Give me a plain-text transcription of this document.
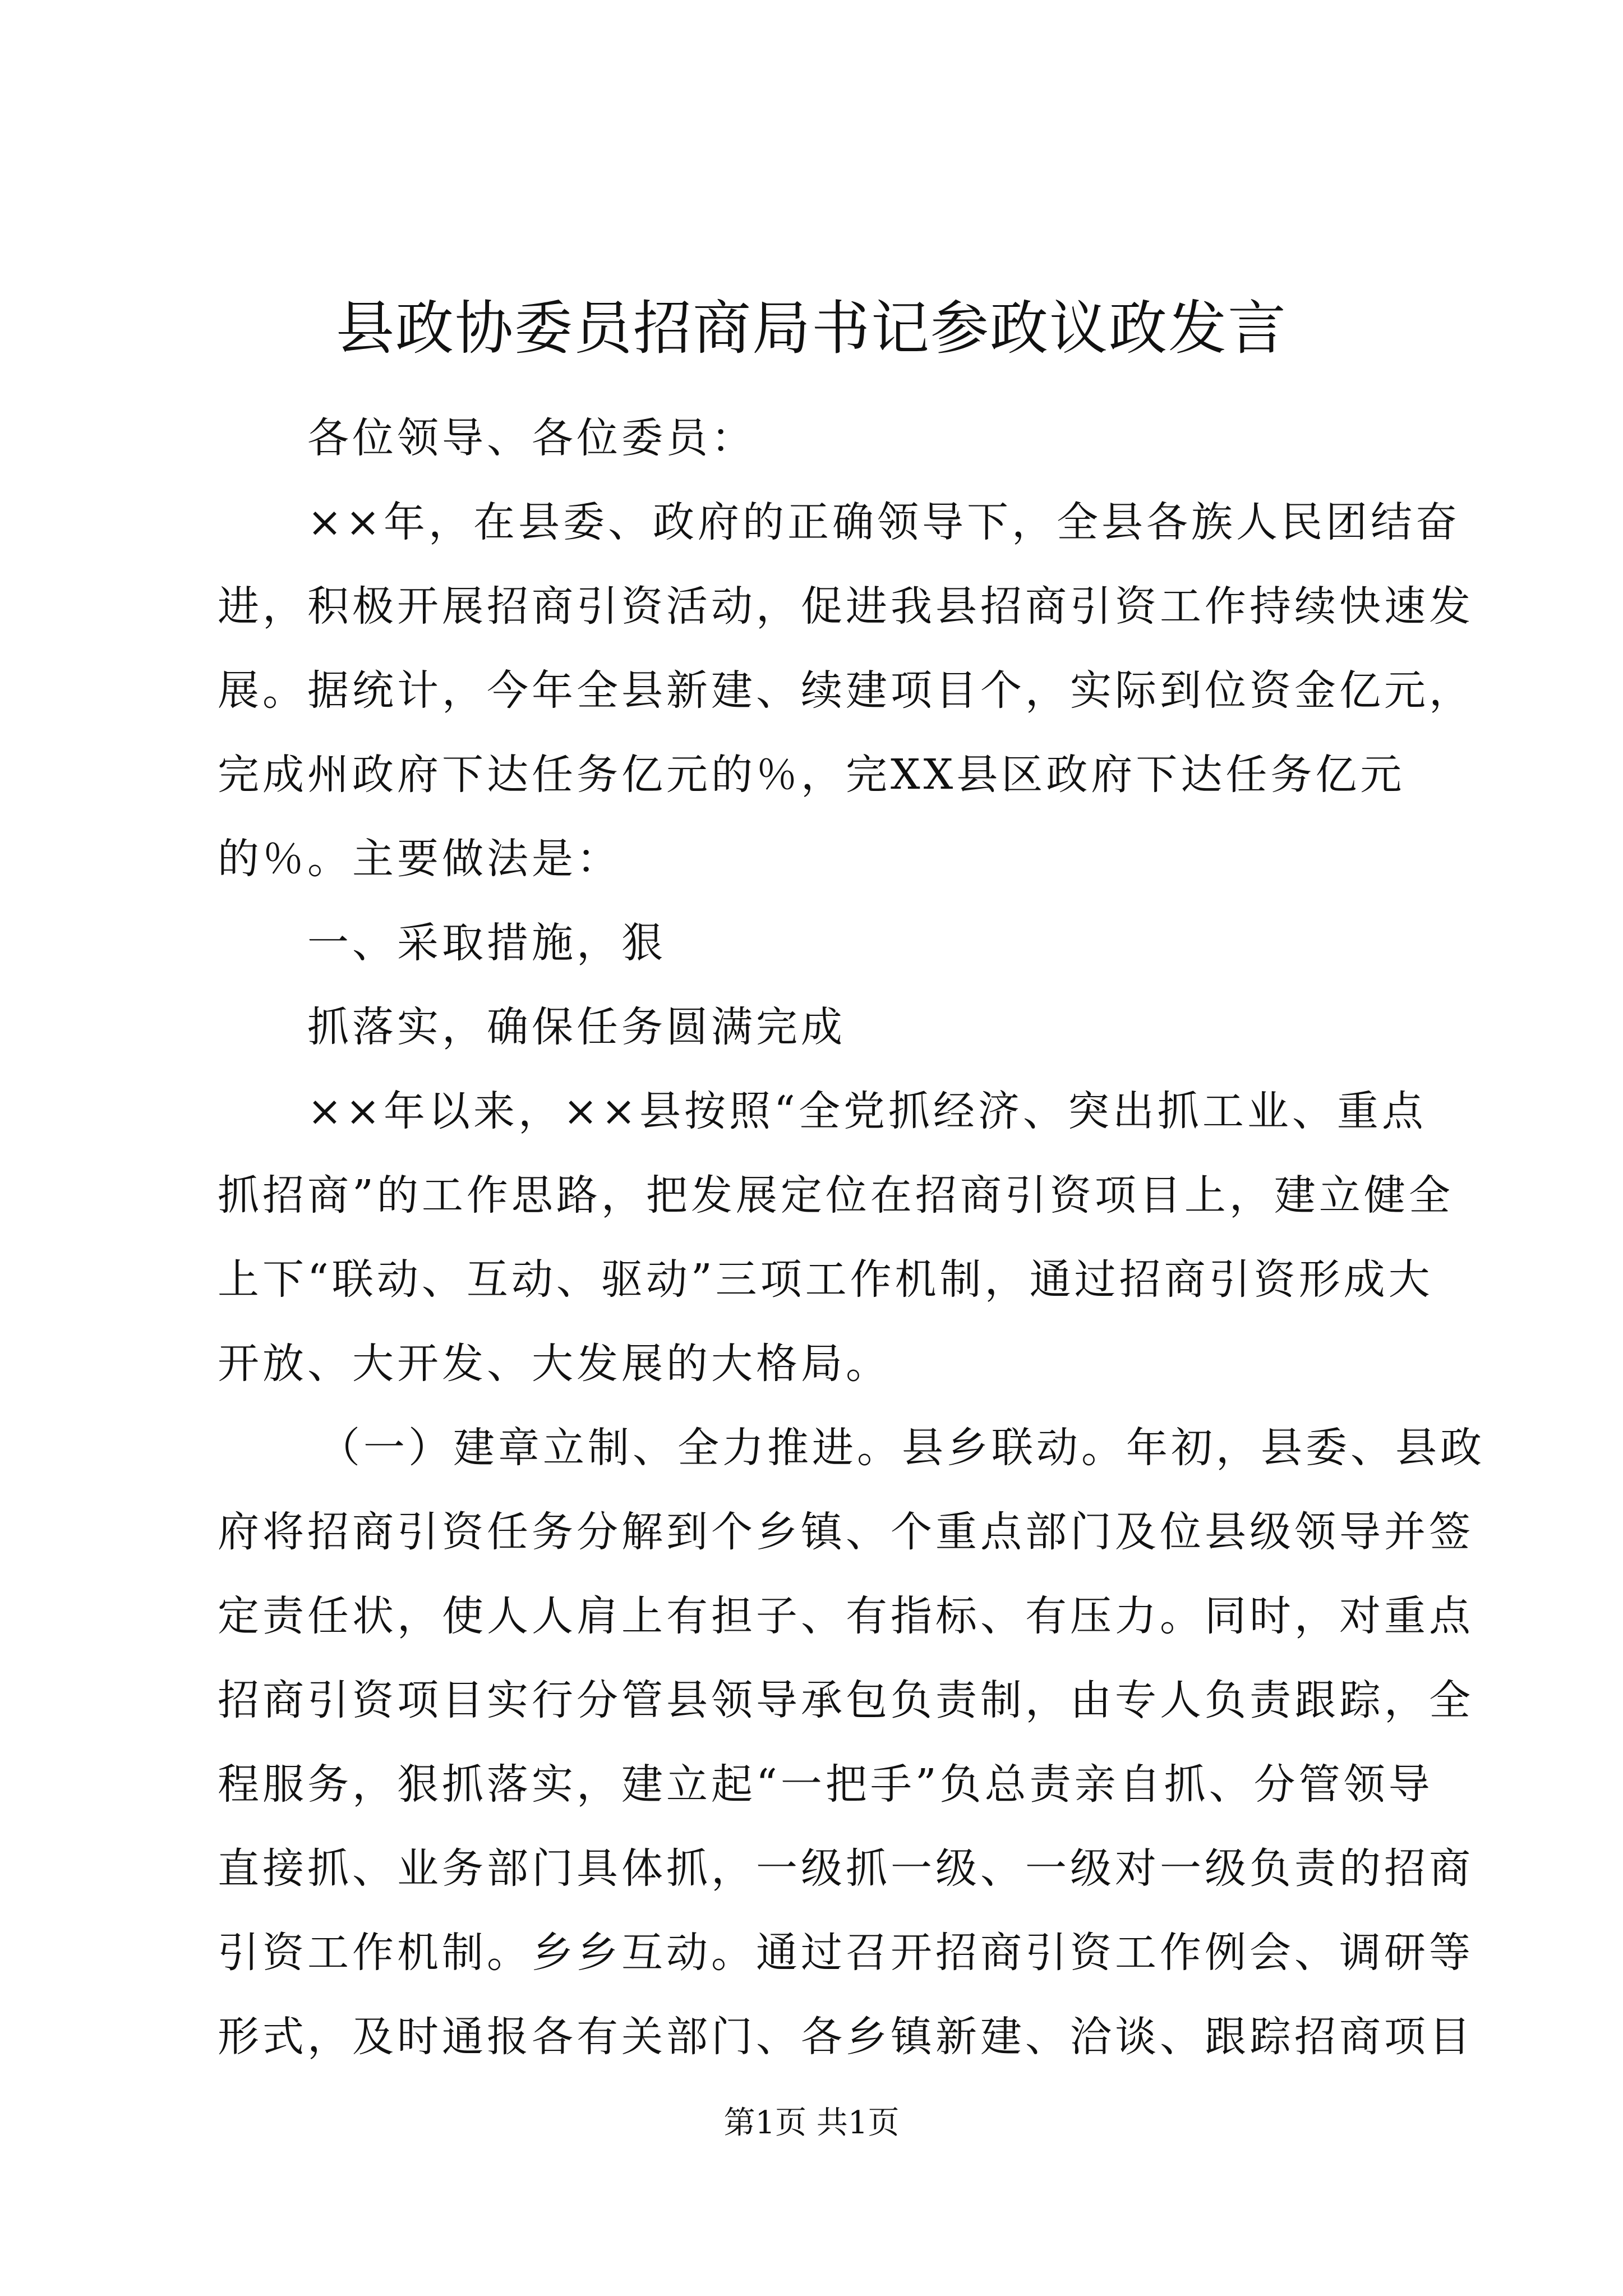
县政协委员招商局书记参政议政发言
各位领导、各位委员：
××年，在县委、政府的正确领导下，全县各族人民团结奋
进，积极开展招商引资活动，促进我县招商引资工作持续快速发
展。据统计，今年全县新建、续建项目个，实际到位资金亿元，
完成州政府下达任务亿元的％，完XX县区政府下达任务亿元
的％。主要做法是：
一、采取措施，狠
抓落实，确保任务圆满完成
××年以来，××县按照“全党抓经济、突出抓工业、重点
抓招商”的工作思路，把发展定位在招商引资项目上，建立健全
上下“联动、互动、驱动”三项工作机制，通过招商引资形成大
开放、大开发、大发展的大格局。
（一）建章立制、全力推进。县乡联动。年初，县委、县政
府将招商引资任务分解到个乡镇、个重点部门及位县级领导并签
定责任状，使人人肩上有担子、有指标、有压力。同时，对重点
招商引资项目实行分管县领导承包负责制，由专人负责跟踪，全
程服务，狠抓落实，建立起“一把手”负总责亲自抓、分管领导
直接抓、业务部门具体抓，一级抓一级、一级对一级负责的招商
引资工作机制。乡乡互动。通过召开招商引资工作例会、调研等
形式，及时通报各有关部门、各乡镇新建、洽谈、跟踪招商项目
第1页 共1页
